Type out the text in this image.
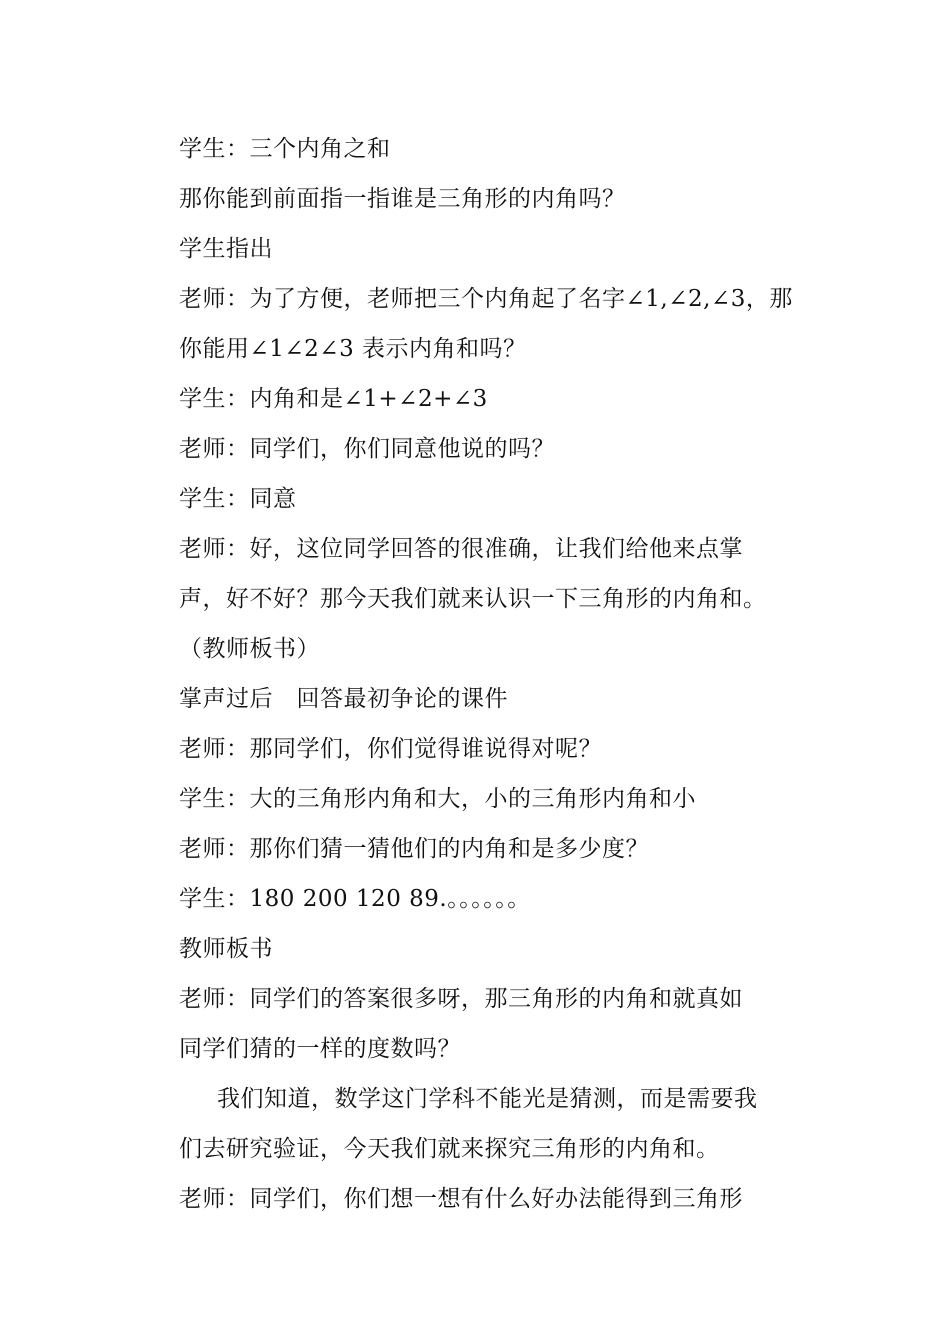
学生：三个内角之和
那你能到前面指一指谁是三角形的内角吗？
学生指出
老师：为了方便，老师把三个内角起了名字∠1,∠2,∠3，那
你能用∠1∠2∠3 表示内角和吗？
学生：内角和是∠1+∠2+∠3
老师：同学们，你们同意他说的吗？
学生：同意
老师：好，这位同学回答的很准确，让我们给他来点掌
声，好不好？那今天我们就来认识一下三角形的内角和。
（教师板书）
掌声过后　回答最初争论的课件
老师：那同学们，你们觉得谁说得对呢？
学生：大的三角形内角和大，小的三角形内角和小
老师：那你们猜一猜他们的内角和是多少度？
学生：180 200 120 89.。。。。。。
教师板书
老师：同学们的答案很多呀，那三角形的内角和就真如
同学们猜的一样的度数吗？
我们知道，数学这门学科不能光是猜测，而是需要我
们去研究验证，今天我们就来探究三角形的内角和。
老师：同学们，你们想一想有什么好办法能得到三角形
